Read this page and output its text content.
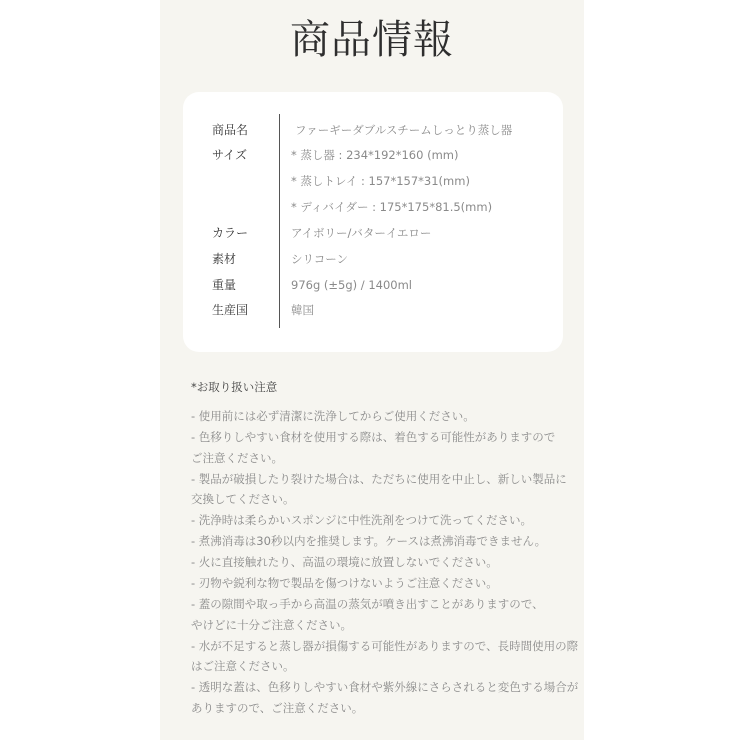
商品情報
商品名	ファーギーダブルスチームしっとり蒸し器
サイズ	* 蒸し器 : 234*192*160 (mm)
* 蒸しトレイ : 157*157*31(mm)
* ディバイダー : 175*175*81.5(mm)
カラー	アイボリー/バターイエロー
素材	シリコーン
重量	976g (±5g) / 1400ml
生産国	韓国
*お取り扱い注意
- 使用前には必ず清潔に洗浄してからご使用ください。
- 色移りしやすい食材を使用する際は、着色する可能性がありますので
ご注意ください。
- 製品が破損したり裂けた場合は、ただちに使用を中止し、新しい製品に
交換してください。
- 洗浄時は柔らかいスポンジに中性洗剤をつけて洗ってください。
- 煮沸消毒は30秒以内を推奨します。ケースは煮沸消毒できません。
- 火に直接触れたり、高温の環境に放置しないでください。
- 刃物や鋭利な物で製品を傷つけないようご注意ください。
- 蓋の隙間や取っ手から高温の蒸気が噴き出すことがありますので、
やけどに十分ご注意ください。
- 水が不足すると蒸し器が損傷する可能性がありますので、長時間使用の際
はご注意ください。
- 透明な蓋は、色移りしやすい食材や紫外線にさらされると変色する場合が
ありますので、ご注意ください。
